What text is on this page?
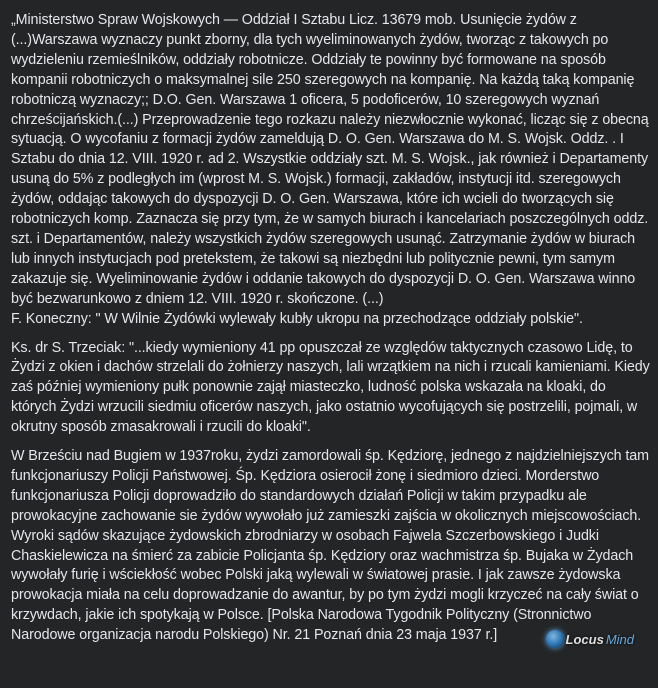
„Ministerstwo Spraw Wojskowych — Oddział I Sztabu Licz. 13679 mob. Usunięcie żydów z (...)Warszawa wyznaczy punkt zborny, dla tych wyeliminowanych żydów, tworząc z takowych po wydzieleniu rzemieślników, oddziały robotnicze. Oddziały te powinny być formowane na sposób kompanii robotniczych o maksymalnej sile 250 szeregowych na kompanię. Na każdą taką kompanię robotniczą wyznaczy;; D.O. Gen. Warszawa 1 oficera, 5 podoficerów, 10 szeregowych wyznań chrześcijańskich.(...) Przeprowadzenie tego rozkazu należy niezwłocznie wykonać, licząc się z obecną sytuacją. O wycofaniu z formacji żydów zameldują D. O. Gen. Warszawa do M. S. Wojsk. Oddz. . I Sztabu do dnia 12. VIII. 1920 r. ad 2. Wszystkie oddziały szt. M. S. Wojsk., jak również i Departamenty usuną do 5% z podległych im (wprost M. S. Wojsk.) formacji, zakładów, instytucji itd. szeregowych żydów, oddając takowych do dyspozycji D. O. Gen. Warszawa, które ich wcieli do tworzących się robotniczych komp. Zaznacza się przy tym, że w samych biurach i kancelariach poszczególnych oddz. szt. i Departamentów, należy wszystkich żydów szeregowych usunąć. Zatrzymanie żydów w biurach lub innych instytucjach pod pretekstem, że takowi są niezbędni lub politycznie pewni, tym samym zakazuje się. Wyeliminowanie żydów i oddanie takowych do dyspozycji D. O. Gen. Warszawa winno być bezwarunkowo z dniem 12. VIII. 1920 r. skończone. (...)

F. Koneczny: " W Wilnie Żydówki wylewały kubły ukropu na przechodzące oddziały polskie".

Ks. dr S. Trzeciak: "...kiedy wymieniony 41 pp opuszczał ze względów taktycznych czasowo Lidę, to Żydzi z okien i dachów strzelali do żołnierzy naszych, lali wrzątkiem na nich i rzucali kamieniami. Kiedy zaś później wymieniony pułk ponownie zajął miasteczko, ludność polska wskazała na kloaki, do których Żydzi wrzucili siedmiu oficerów naszych, jako ostatnio wycofujących się postrzelili, pojmali, w okrutny sposób zmasakrowali i rzucili do kloaki".

W Brześciu nad Bugiem w 1937roku, żydzi zamordowali śp. Kędziorę, jednego z najdzielniejszych tam funkcjonariuszy Policji Państwowej. Śp. Kędziora osierocił żonę i siedmioro dzieci. Morderstwo funkcjonariusza Policji doprowadziło do standardowych działań Policji w takim przypadku ale prowokacyjne zachowanie sie żydów wywołało już zamieszki zajścia w okolicznych miejscowościach. Wyroki sądów skazujące żydowskich zbrodniarzy w osobach Fajwela Szczerbowskiego i Judki Chaskielewicza na śmierć za zabicie Policjanta śp. Kędziory oraz wachmistrza śp. Bujaka w Żydach wywołały furię i wściekłość wobec Polski jaką wylewali w światowej prasie. I jak zawsze żydowska prowokacja miała na celu doprowadzanie do awantur, by po tym żydzi mogli krzyczeć na cały świat o krzywdach, jakie ich spotykają w Polsce. [Polska Narodowa Tygodnik Polityczny (Stronnictwo Narodowe organizacja narodu Polskiego) Nr. 21 Poznań dnia 23 maja 1937 r.]	Locus Mind
